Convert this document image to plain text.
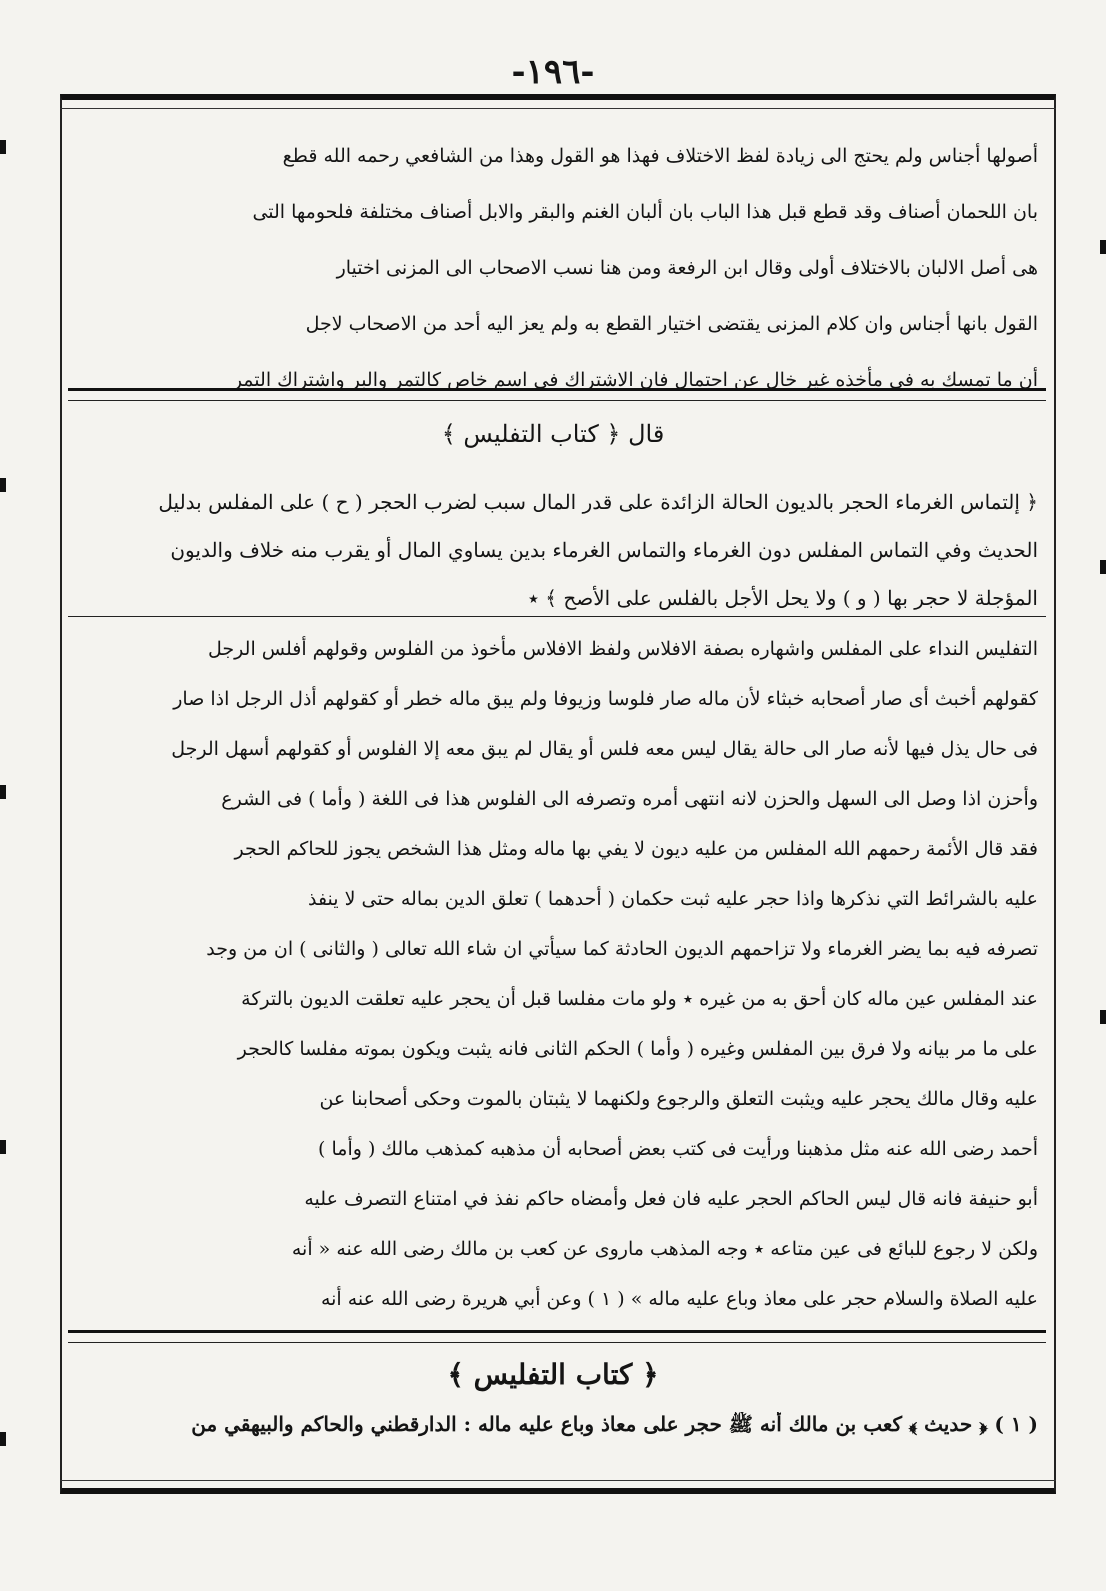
-١٩٦-
أصولها أجناس ولم يحتج الى زيادة لفظ الاختلاف فهذا هو القول وهذا من الشافعي رحمه الله قطع
بان اللحمان أصناف وقد قطع قبل هذا الباب بان ألبان الغنم والبقر والابل أصناف مختلفة فلحومها التى
هى أصل الالبان بالاختلاف أولى وقال ابن الرفعة ومن هنا نسب الاصحاب الى المزنى اختيار
القول بانها أجناس وان كلام المزنى يقتضى اختيار القطع به ولم يعز اليه أحد من الاصحاب لاجل
أن ما تمسك به فى مأخذه غير خال عن احتمال فان الاشتراك فى اسم خاص كالتمر والبر واشتراك التمر
قال ﴿ كتاب التفليس ﴾
﴿ إلتماس الغرماء الحجر بالديون الحالة الزائدة على قدر المال سبب لضرب الحجر ( ح ) على المفلس بدليل
الحديث وفي التماس المفلس دون الغرماء والتماس الغرماء بدين يساوي المال أو يقرب منه خلاف والديون
المؤجلة لا حجر بها ( و ) ولا يحل الأجل بالفلس على الأصح ﴾ ٭
التفليس النداء على المفلس واشهاره بصفة الافلاس ولفظ الافلاس مأخوذ من الفلوس وقولهم أفلس الرجل
كقولهم أخبث أى صار أصحابه خبثاء لأن ماله صار فلوسا وزيوفا ولم يبق ماله خطر أو كقولهم أذل الرجل اذا صار
فى حال يذل فيها لأنه صار الى حالة يقال ليس معه فلس أو يقال لم يبق معه إلا الفلوس أو كقولهم أسهل الرجل
وأحزن اذا وصل الى السهل والحزن لانه انتهى أمره وتصرفه الى الفلوس هذا فى اللغة ( وأما ) فى الشرع
فقد قال الأئمة رحمهم الله المفلس من عليه ديون لا يفي بها ماله ومثل هذا الشخص يجوز للحاكم الحجر
عليه بالشرائط التي نذكرها واذا حجر عليه ثبت حكمان ( أحدهما ) تعلق الدين بماله حتى لا ينفذ
تصرفه فيه بما يضر الغرماء ولا تزاحمهم الديون الحادثة كما سيأتي ان شاء الله تعالى ( والثانى ) ان من وجد
عند المفلس عين ماله كان أحق به من غيره ٭ ولو مات مفلسا قبل أن يحجر عليه تعلقت الديون بالتركة
على ما مر بيانه ولا فرق بين المفلس وغيره ( وأما ) الحكم الثانى فانه يثبت ويكون بموته مفلسا كالحجر
عليه وقال مالك يحجر عليه ويثبت التعلق والرجوع ولكنهما لا يثبتان بالموت وحكى أصحابنا عن
أحمد رضى الله عنه مثل مذهبنا ورأيت فى كتب بعض أصحابه أن مذهبه كمذهب مالك ( وأما )
أبو حنيفة فانه قال ليس الحاكم الحجر عليه فان فعل وأمضاه حاكم نفذ في امتناع التصرف عليه
ولكن لا رجوع للبائع فى عين متاعه ٭ وجه المذهب ماروى عن كعب بن مالك رضى الله عنه « أنه
عليه الصلاة والسلام حجر على معاذ وباع عليه ماله » ( ١ ) وعن أبي هريرة رضى الله عنه أنه
﴿ كتاب التفليس ﴾
( ١ ) ﴿ حديث ﴾ كعب بن مالك أنه ﷺ حجر على معاذ وباع عليه ماله : الدارقطني والحاكم والبيهقي من
